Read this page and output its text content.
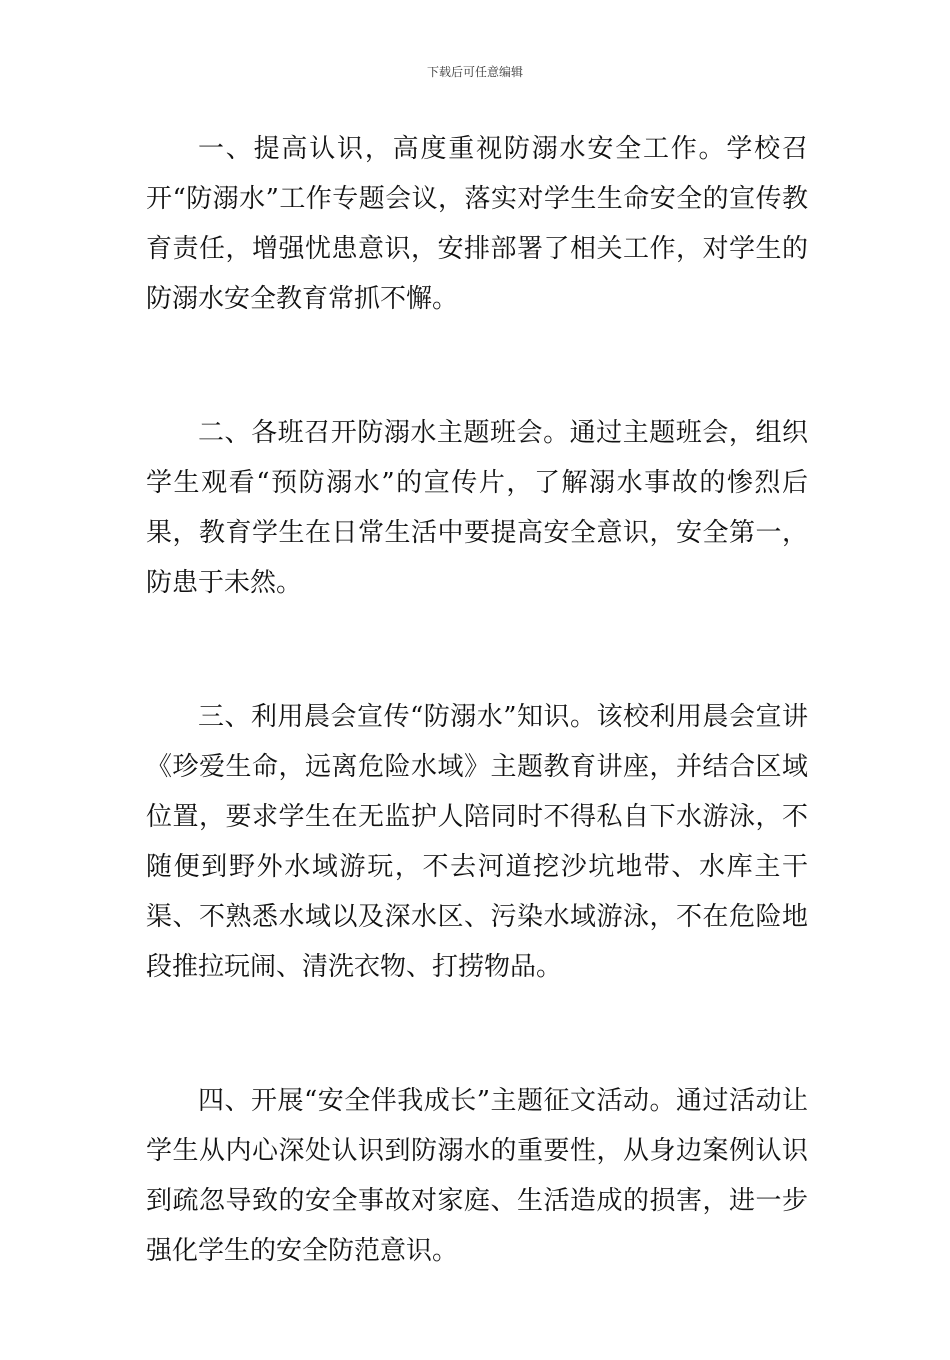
下载后可任意编辑

一、提高认识，高度重视防溺水安全工作。学校召开“防溺水”工作专题会议，落实对学生生命安全的宣传教育责任，增强忧患意识，安排部署了相关工作，对学生的防溺水安全教育常抓不懈。

二、各班召开防溺水主题班会。通过主题班会，组织学生观看“预防溺水”的宣传片，了解溺水事故的惨烈后果，教育学生在日常生活中要提高安全意识，安全第一，防患于未然。

三、利用晨会宣传“防溺水”知识。该校利用晨会宣讲《珍爱生命，远离危险水域》主题教育讲座，并结合区域位置，要求学生在无监护人陪同时不得私自下水游泳，不随便到野外水域游玩，不去河道挖沙坑地带、水库主干渠、不熟悉水域以及深水区、污染水域游泳，不在危险地段推拉玩闹、清洗衣物、打捞物品。

四、开展“安全伴我成长”主题征文活动。通过活动让学生从内心深处认识到防溺水的重要性，从身边案例认识到疏忽导致的安全事故对家庭、生活造成的损害，进一步强化学生的安全防范意识。
